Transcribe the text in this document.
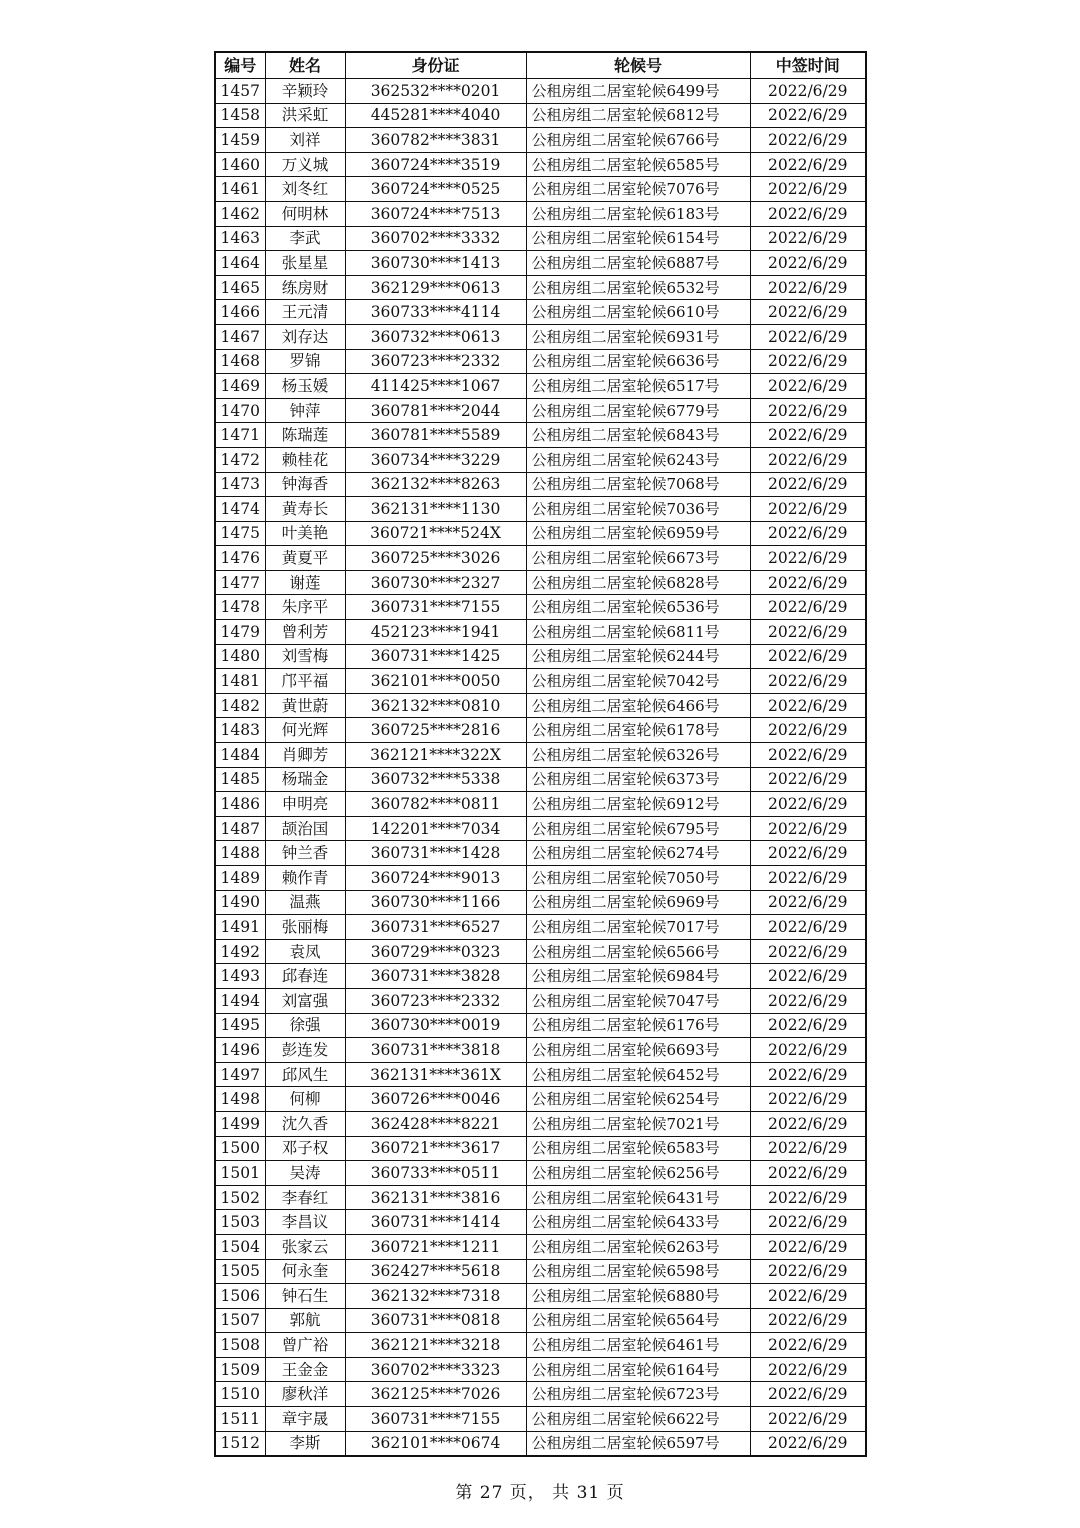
编号	姓名	身份证	轮候号	中签时间
1457	辛颖玲	362532****0201	公租房组二居室轮候6499号	2022/6/29
1458	洪采虹	445281****4040	公租房组二居室轮候6812号	2022/6/29
1459	刘祥	360782****3831	公租房组二居室轮候6766号	2022/6/29
1460	万义城	360724****3519	公租房组二居室轮候6585号	2022/6/29
1461	刘冬红	360724****0525	公租房组二居室轮候7076号	2022/6/29
1462	何明林	360724****7513	公租房组二居室轮候6183号	2022/6/29
1463	李武	360702****3332	公租房组二居室轮候6154号	2022/6/29
1464	张星星	360730****1413	公租房组二居室轮候6887号	2022/6/29
1465	练房财	362129****0613	公租房组二居室轮候6532号	2022/6/29
1466	王元清	360733****4114	公租房组二居室轮候6610号	2022/6/29
1467	刘存达	360732****0613	公租房组二居室轮候6931号	2022/6/29
1468	罗锦	360723****2332	公租房组二居室轮候6636号	2022/6/29
1469	杨玉媛	411425****1067	公租房组二居室轮候6517号	2022/6/29
1470	钟萍	360781****2044	公租房组二居室轮候6779号	2022/6/29
1471	陈瑞莲	360781****5589	公租房组二居室轮候6843号	2022/6/29
1472	赖桂花	360734****3229	公租房组二居室轮候6243号	2022/6/29
1473	钟海香	362132****8263	公租房组二居室轮候7068号	2022/6/29
1474	黄寿长	362131****1130	公租房组二居室轮候7036号	2022/6/29
1475	叶美艳	360721****524X	公租房组二居室轮候6959号	2022/6/29
1476	黄夏平	360725****3026	公租房组二居室轮候6673号	2022/6/29
1477	谢莲	360730****2327	公租房组二居室轮候6828号	2022/6/29
1478	朱序平	360731****7155	公租房组二居室轮候6536号	2022/6/29
1479	曾利芳	452123****1941	公租房组二居室轮候6811号	2022/6/29
1480	刘雪梅	360731****1425	公租房组二居室轮候6244号	2022/6/29
1481	邝平福	362101****0050	公租房组二居室轮候7042号	2022/6/29
1482	黄世蔚	362132****0810	公租房组二居室轮候6466号	2022/6/29
1483	何光辉	360725****2816	公租房组二居室轮候6178号	2022/6/29
1484	肖卿芳	362121****322X	公租房组二居室轮候6326号	2022/6/29
1485	杨瑞金	360732****5338	公租房组二居室轮候6373号	2022/6/29
1486	申明亮	360782****0811	公租房组二居室轮候6912号	2022/6/29
1487	颉治国	142201****7034	公租房组二居室轮候6795号	2022/6/29
1488	钟兰香	360731****1428	公租房组二居室轮候6274号	2022/6/29
1489	赖作青	360724****9013	公租房组二居室轮候7050号	2022/6/29
1490	温燕	360730****1166	公租房组二居室轮候6969号	2022/6/29
1491	张丽梅	360731****6527	公租房组二居室轮候7017号	2022/6/29
1492	袁凤	360729****0323	公租房组二居室轮候6566号	2022/6/29
1493	邱春连	360731****3828	公租房组二居室轮候6984号	2022/6/29
1494	刘富强	360723****2332	公租房组二居室轮候7047号	2022/6/29
1495	徐强	360730****0019	公租房组二居室轮候6176号	2022/6/29
1496	彭连发	360731****3818	公租房组二居室轮候6693号	2022/6/29
1497	邱风生	362131****361X	公租房组二居室轮候6452号	2022/6/29
1498	何柳	360726****0046	公租房组二居室轮候6254号	2022/6/29
1499	沈久香	362428****8221	公租房组二居室轮候7021号	2022/6/29
1500	邓子权	360721****3617	公租房组二居室轮候6583号	2022/6/29
1501	吴涛	360733****0511	公租房组二居室轮候6256号	2022/6/29
1502	李春红	362131****3816	公租房组二居室轮候6431号	2022/6/29
1503	李昌议	360731****1414	公租房组二居室轮候6433号	2022/6/29
1504	张家云	360721****1211	公租房组二居室轮候6263号	2022/6/29
1505	何永奎	362427****5618	公租房组二居室轮候6598号	2022/6/29
1506	钟石生	362132****7318	公租房组二居室轮候6880号	2022/6/29
1507	郭航	360731****0818	公租房组二居室轮候6564号	2022/6/29
1508	曾广裕	362121****3218	公租房组二居室轮候6461号	2022/6/29
1509	王金金	360702****3323	公租房组二居室轮候6164号	2022/6/29
1510	廖秋洋	362125****7026	公租房组二居室轮候6723号	2022/6/29
1511	章宇晟	360731****7155	公租房组二居室轮候6622号	2022/6/29
1512	李斯	362101****0674	公租房组二居室轮候6597号	2022/6/29
第 27 页， 共 31 页
